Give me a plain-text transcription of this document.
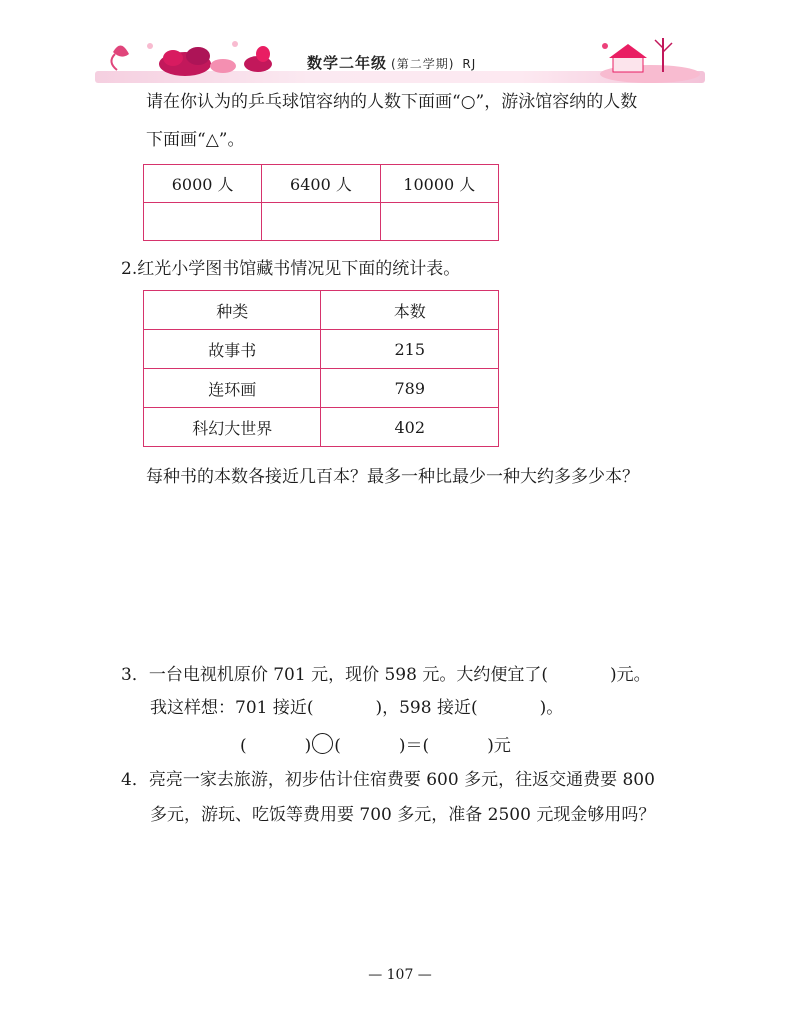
数学二年级 (第二学期) RJ
请在你认为的乒乓球馆容纳的人数下面画“○”，游泳馆容纳的人数
下面画“△”。
6000 人	6400 人	10000 人

2.红光小学图书馆藏书情况见下面的统计表。
种类	本数
故事书	215
连环画	789
科幻大世界	402
每种书的本数各接近几百本？最多一种比最少一种大约多多少本？
3．一台电视机原价 701 元，现价 598 元。大约便宜了(	)元。
我这样想：701 接近(	)，598 接近(	)。
(	) (	)＝(	)元
4．亮亮一家去旅游，初步估计住宿费要 600 多元，往返交通费要 800
多元，游玩、吃饭等费用要 700 多元，准备 2500 元现金够用吗？
— 107 —
